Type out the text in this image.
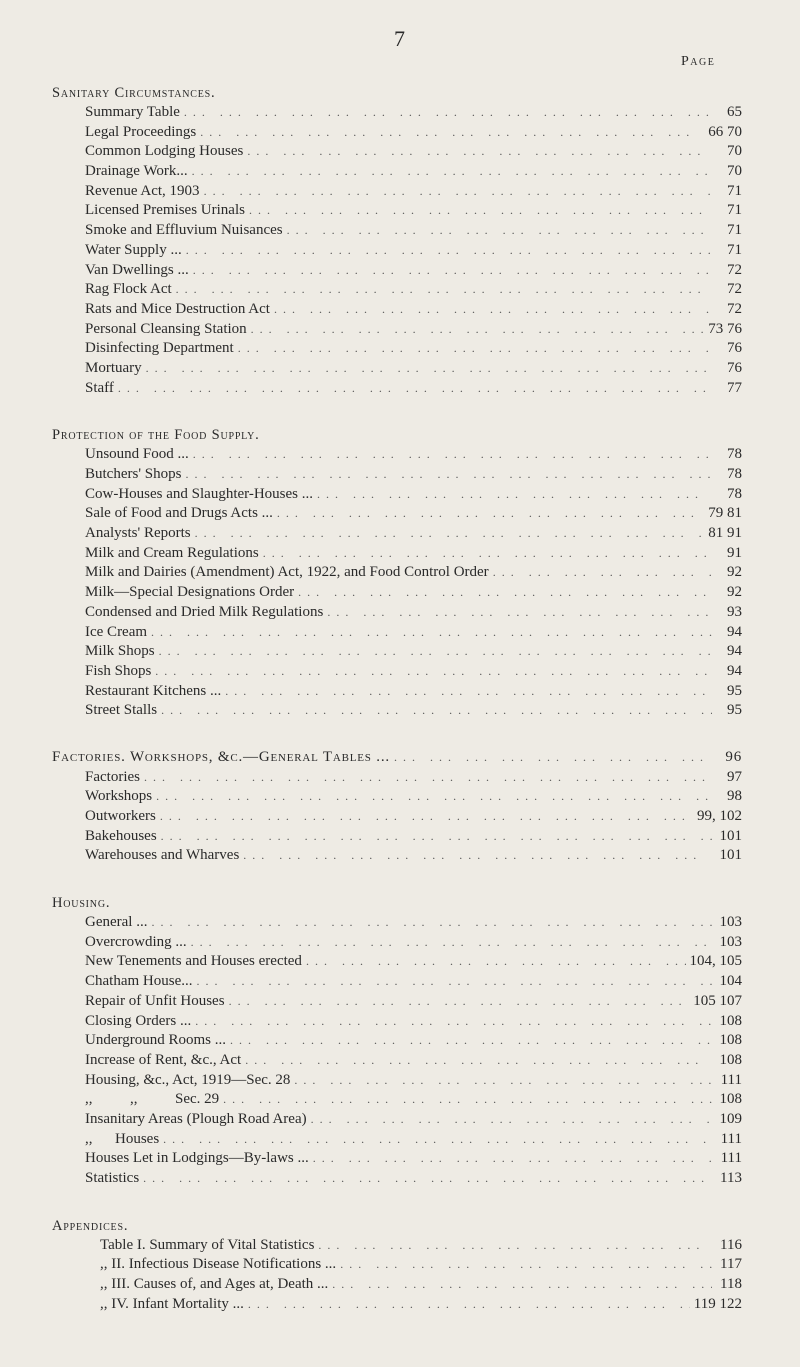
7
Page
Sanitary Circumstances.
Summary Table ... .	65
Legal Proceedings ... .	66 70
Common Lodging Houses ... .	70
Drainage Work... ... .	70
Revenue Act, 1903 ... .	71
Licensed Premises Urinals ... .	71
Smoke and Effluvium Nuisances ... .	71
Water Supply ... ... .	71
Van Dwellings ... ... .	72
Rag Flock Act ... .	72
Rats and Mice Destruction Act ... .	72
Personal Cleansing Station ... .	73 76
Disinfecting Department ... .	76
Mortuary ... .	76
Staff ... .	77
Protection of the Food Supply.
Unsound Food ... ... .	78
Butchers' Shops ... .	78
Cow-Houses and Slaughter-Houses ... ... .	78
Sale of Food and Drugs Acts ... ... .	79 81
Analysts' Reports ... .	81 91
Milk and Cream Regulations ... .	91
Milk and Dairies (Amendment) Act, 1922, and Food Control Order ... .	92
Milk—Special Designations Order ... .	92
Condensed and Dried Milk Regulations ... .	93
Ice Cream ... .	94
Milk Shops ... .	94
Fish Shops ... .	94
Restaurant Kitchens ... ... .	95
Street Stalls ... .	95
Factories. Workshops, &c.—General Tables ... ... .	96
Factories ... .	97
Workshops ... .	98
Outworkers ... .	99, 102
Bakehouses ... .	101
Warehouses and Wharves ... .	101
Housing.
General ... ... .	103
Overcrowding ... ... .	103
New Tenements and Houses erected ... .	104, 105
Chatham House... ... .	104
Repair of Unfit Houses ... .	105 107
Closing Orders ... ... .	108
Underground Rooms ... ... .	108
Increase of Rent, &c., Act ... .	108
Housing, &c., Act, 1919—Sec. 28 ... .	111
,,          ,,          Sec. 29 ... .	108
Insanitary Areas (Plough Road Area) ... .	109
,,      Houses ... .	111
Houses Let in Lodgings—By-laws ... ... .	111
Statistics ... .	113
Appendices.
Table I. Summary of Vital Statistics ... .	116
,, II. Infectious Disease Notifications ... ... .	117
,, III. Causes of, and Ages at, Death ... ... .	118
,, IV. Infant Mortality ... ... .	119 122
